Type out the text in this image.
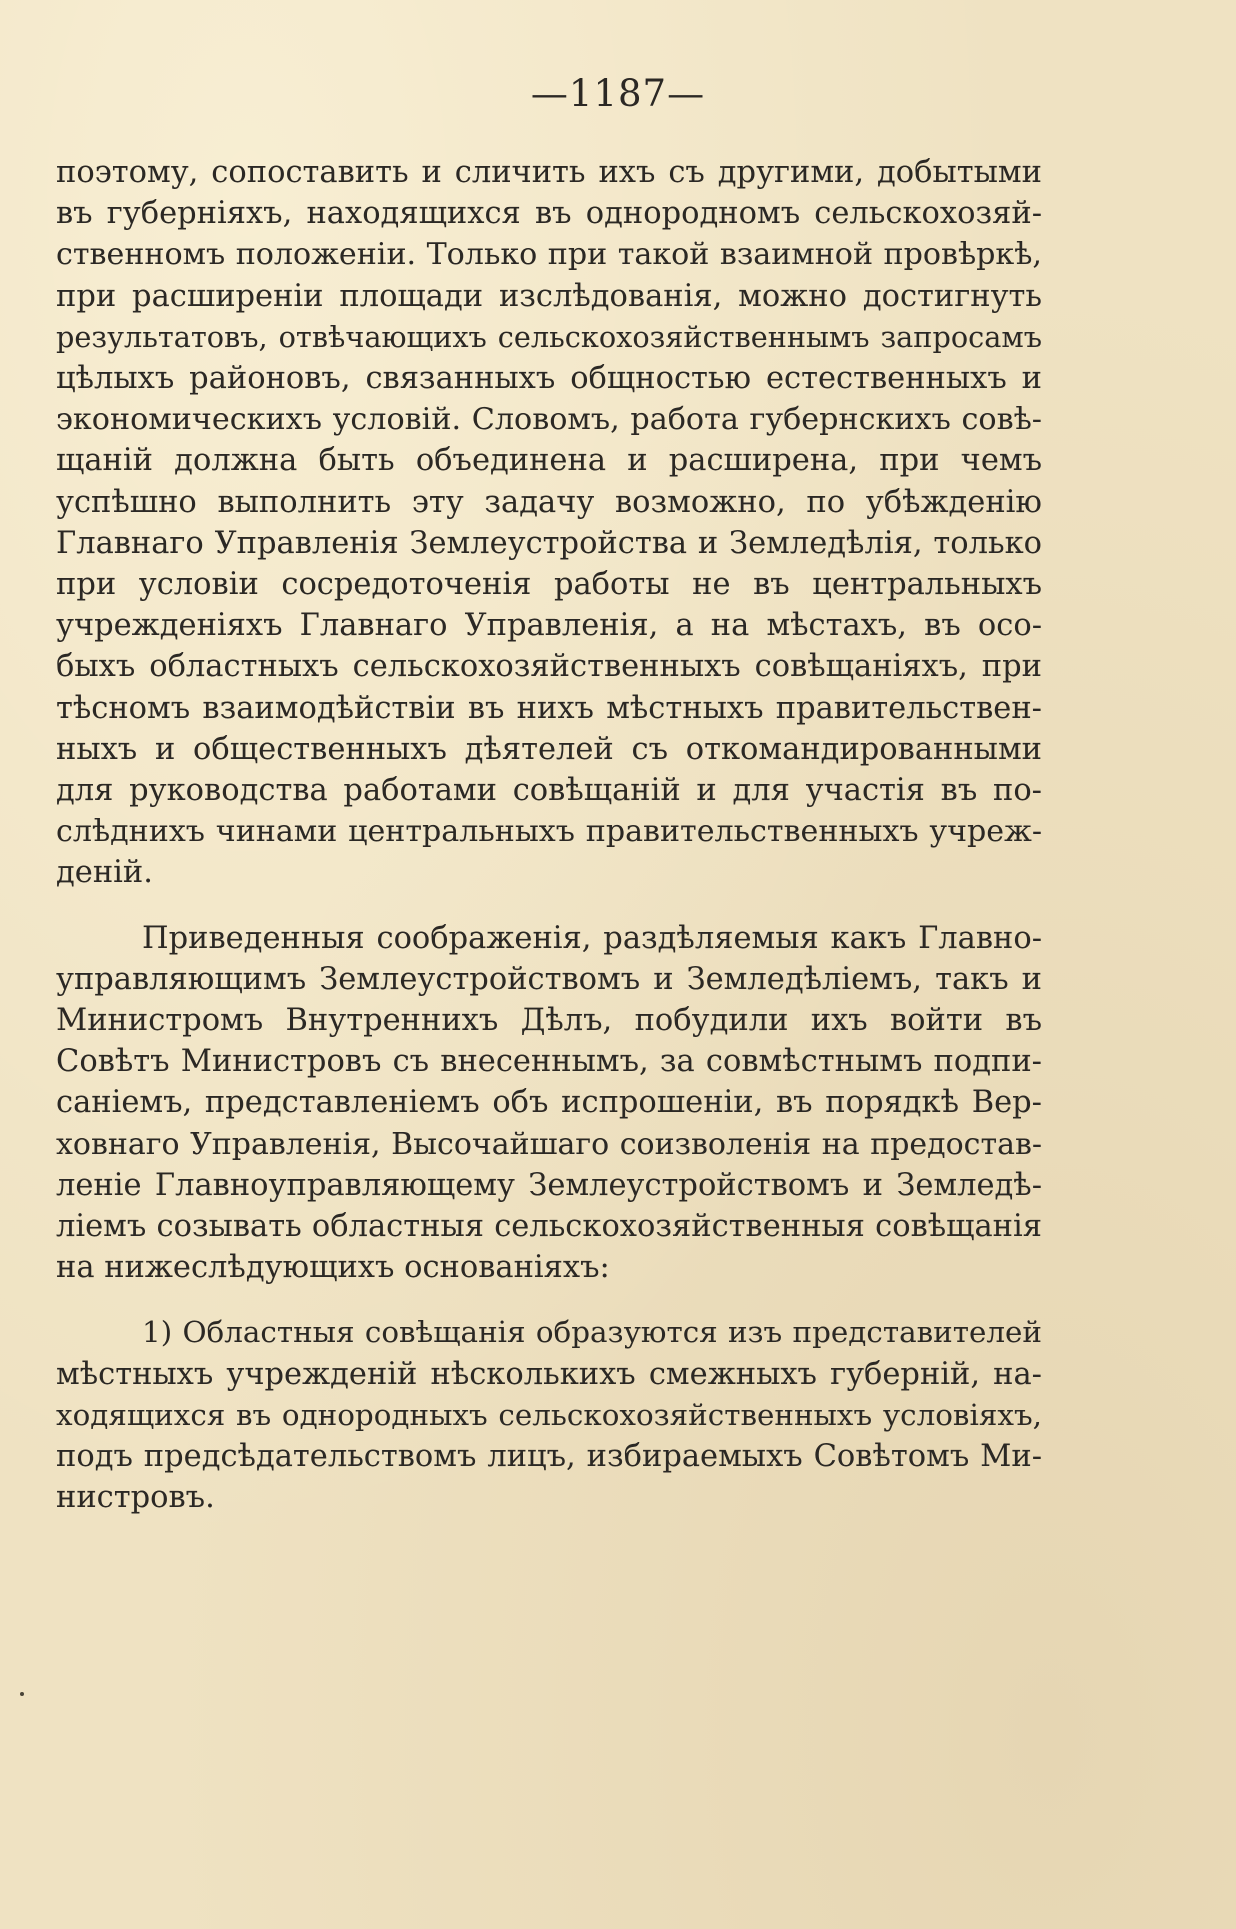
—1187—

поэтому, сопоставить и сличить ихъ съ другими, добытыми
въ губерніяхъ, находящихся въ однородномъ сельскохозяй-
ственномъ положеніи. Только при такой взаимной провѣркѣ,
при расширеніи площади изслѣдованія, можно достигнуть
результатовъ, отвѣчающихъ сельскохозяйственнымъ запросамъ
цѣлыхъ районовъ, связанныхъ общностью естественныхъ и
экономическихъ условій. Словомъ, работа губернскихъ совѣ-
щаній должна быть объединена и расширена, при чемъ
успѣшно выполнить эту задачу возможно, по убѣжденію
Главнаго Управленія Землеустройства и Земледѣлія, только
при условіи сосредоточенія работы не въ центральныхъ
учрежденіяхъ Главнаго Управленія, а на мѣстахъ, въ осо-
быхъ областныхъ сельскохозяйственныхъ совѣщаніяхъ, при
тѣсномъ взаимодѣйствіи въ нихъ мѣстныхъ правительствен-
ныхъ и общественныхъ дѣятелей съ откомандированными
для руководства работами совѣщаній и для участія въ по-
слѣднихъ чинами центральныхъ правительственныхъ учреж-
деній.

Приведенныя соображенія, раздѣляемыя какъ Главно-
управляющимъ Землеустройствомъ и Земледѣліемъ, такъ и
Министромъ Внутреннихъ Дѣлъ, побудили ихъ войти въ
Совѣтъ Министровъ съ внесеннымъ, за совмѣстнымъ подпи-
саніемъ, представленіемъ объ испрошеніи, въ порядкѣ Вер-
ховнаго Управленія, Высочайшаго соизволенія на предостав-
леніе Главноуправляющему Землеустройствомъ и Земледѣ-
ліемъ созывать областныя сельскохозяйственныя совѣщанія
на нижеслѣдующихъ основаніяхъ:

1) Областныя совѣщанія образуются изъ представителей
мѣстныхъ учрежденій нѣсколькихъ смежныхъ губерній, на-
ходящихся въ однородныхъ сельскохозяйственныхъ условіяхъ,
подъ предсѣдательствомъ лицъ, избираемыхъ Совѣтомъ Ми-
нистровъ.
